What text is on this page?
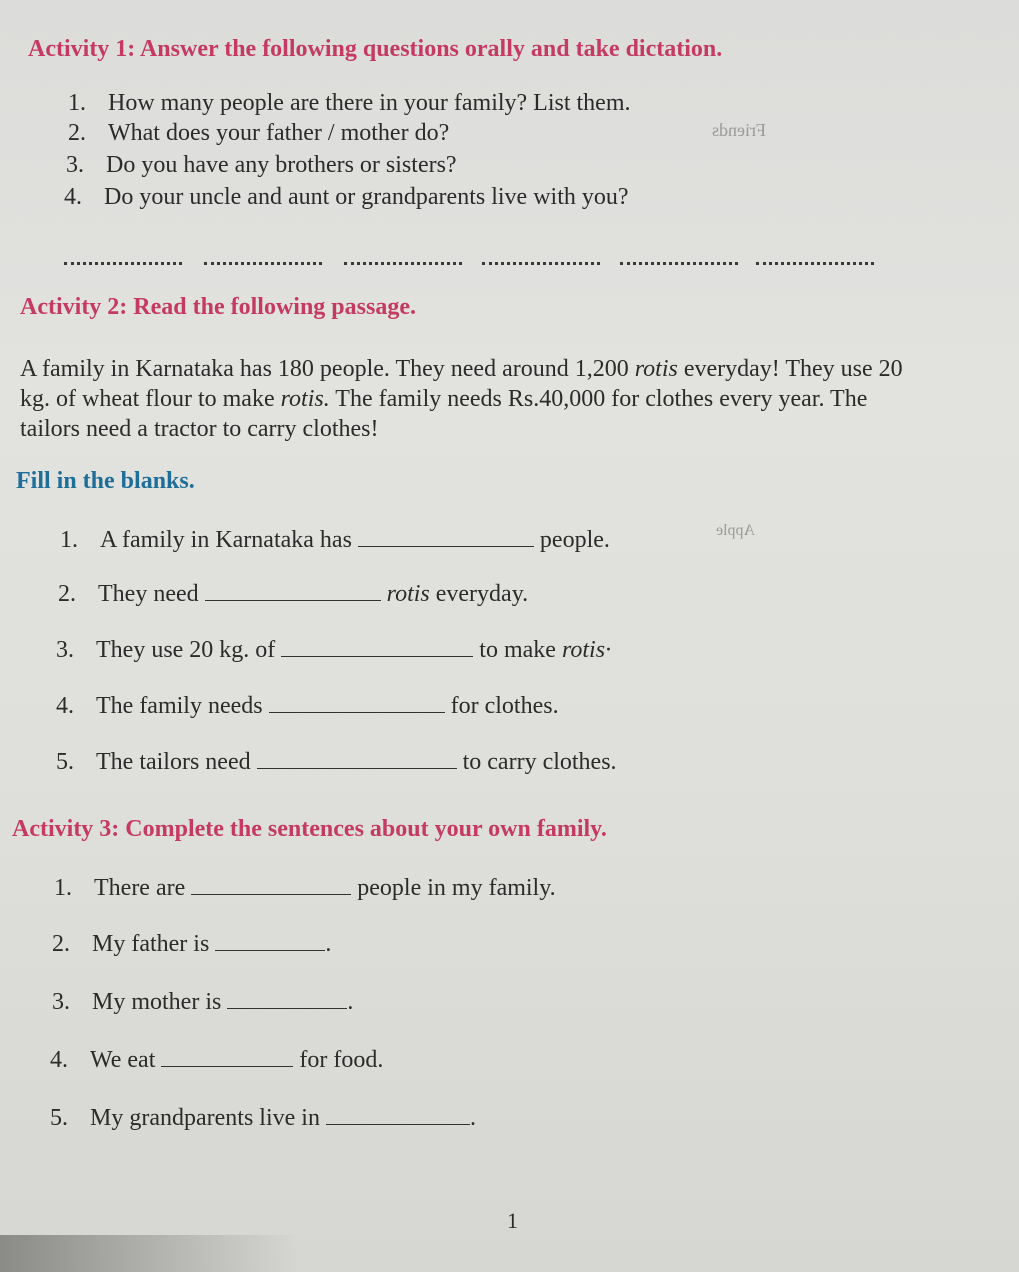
Activity 1: Answer the following questions orally and take dictation.
1. How many people are there in your family? List them.
2. What does your father / mother do?
3. Do you have any brothers or sisters?
4. Do your uncle and aunt or grandparents live with you?
Friends
Activity 2: Read the following passage.
A family in Karnataka has 180 people. They need around 1,200 rotis everyday! They use 20
kg. of wheat flour to make rotis. The family needs Rs.40,000 for clothes every year. The
tailors need a tractor to carry clothes!
Fill in the blanks.
Apple
1. A family in Karnataka has	people.
2. They need	rotis everyday.
3. They use 20 kg. of	to make rotis·
4. The family needs	for clothes.
5. The tailors need	to carry clothes.
Activity 3: Complete the sentences about your own family.
1. There are	people in my family.
2. My father is	.
3. My mother is	.
4. We eat	for food.
5. My grandparents live in	.
1
